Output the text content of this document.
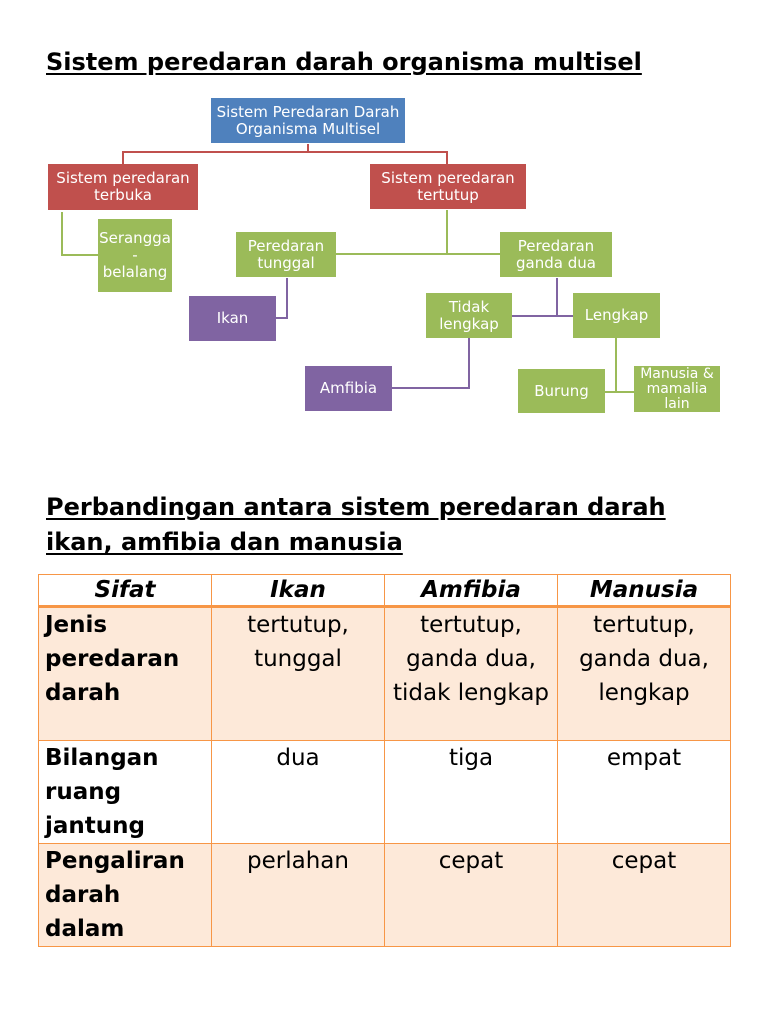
Sistem peredaran darah organisma multisel
Sistem Peredaran Darah Organisma Multisel
Sistem peredaran terbuka
Sistem peredaran tertutup
Serangga - belalang
Peredaran tunggal
Peredaran ganda dua
Ikan
Tidak lengkap	Lengkap
Amfibia	Burung
Manusia & mamalia lain
Perbandingan antara sistem peredaran darah
ikan, amfibia dan manusia
Sifat	Ikan	Amfibia	Manusia
Jenis peredaran darah	tertutup, tunggal	tertutup, ganda dua, tidak lengkap	tertutup, ganda dua, lengkap
Bilangan ruang jantung	dua	tiga	empat
Pengaliran darah dalam	perlahan	cepat	cepat
